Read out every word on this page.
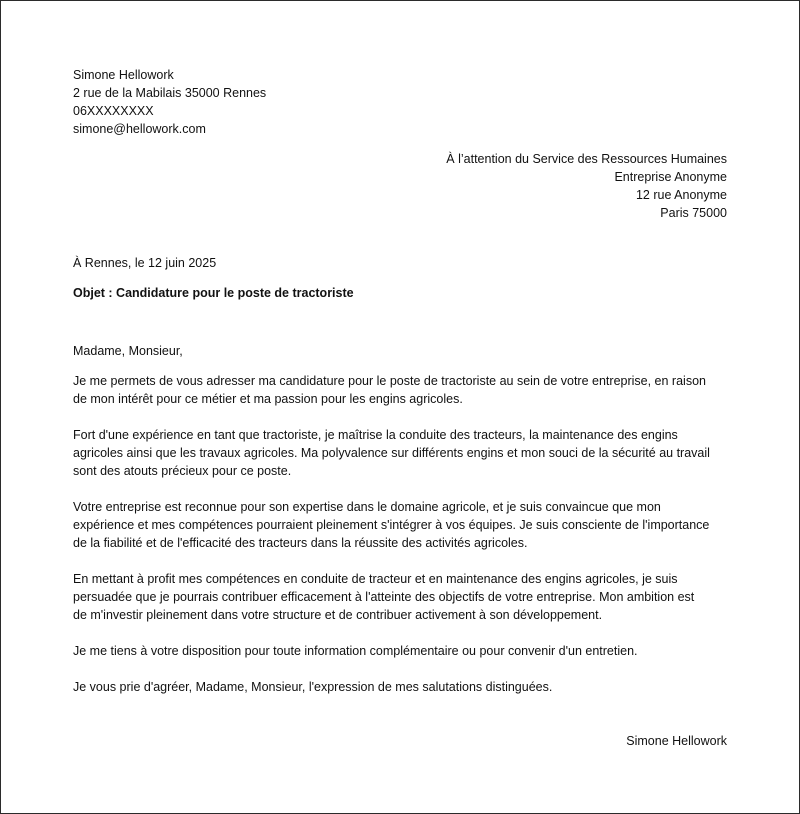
Simone Hellowork
2 rue de la Mabilais 35000 Rennes
06XXXXXXXX
simone@hellowork.com
À l’attention du Service des Ressources Humaines
Entreprise Anonyme
12 rue Anonyme
Paris 75000
À Rennes, le 12 juin 2025
Objet : Candidature pour le poste de tractoriste
Madame, Monsieur,

Je me permets de vous adresser ma candidature pour le poste de tractoriste au sein de votre entreprise, en raison
de mon intérêt pour ce métier et ma passion pour les engins agricoles.

Fort d'une expérience en tant que tractoriste, je maîtrise la conduite des tracteurs, la maintenance des engins
agricoles ainsi que les travaux agricoles. Ma polyvalence sur différents engins et mon souci de la sécurité au travail
sont des atouts précieux pour ce poste.

Votre entreprise est reconnue pour son expertise dans le domaine agricole, et je suis convaincue que mon
expérience et mes compétences pourraient pleinement s'intégrer à vos équipes. Je suis consciente de l'importance
de la fiabilité et de l'efficacité des tracteurs dans la réussite des activités agricoles.

En mettant à profit mes compétences en conduite de tracteur et en maintenance des engins agricoles, je suis
persuadée que je pourrais contribuer efficacement à l'atteinte des objectifs de votre entreprise. Mon ambition est
de m'investir pleinement dans votre structure et de contribuer activement à son développement.

Je me tiens à votre disposition pour toute information complémentaire ou pour convenir d'un entretien.

Je vous prie d'agréer, Madame, Monsieur, l'expression de mes salutations distinguées.

Simone Hellowork
